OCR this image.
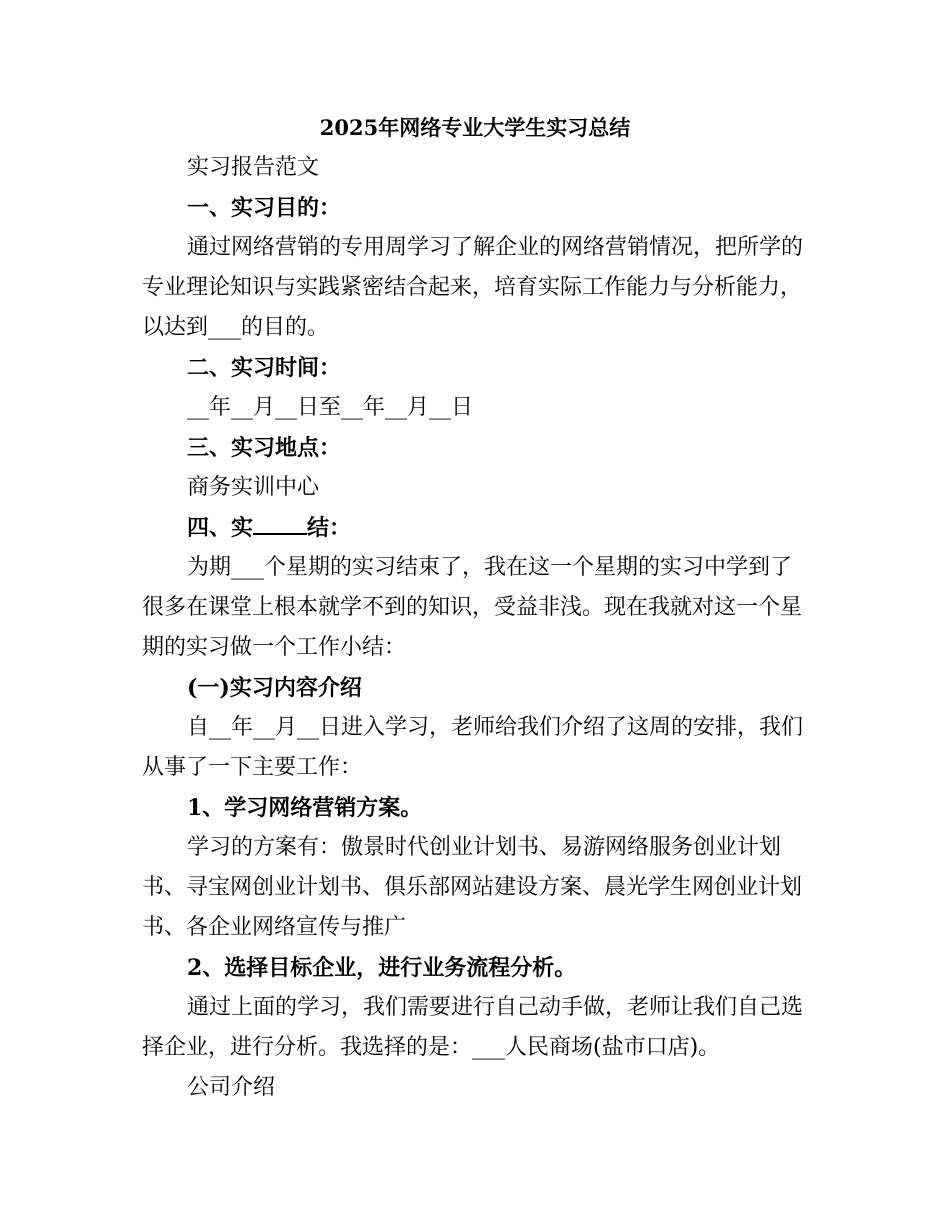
2025年网络专业大学生实习总结

实习报告范文

一、实习目的：

通过网络营销的专用周学习了解企业的网络营销情况，把所学的专业理论知识与实践紧密结合起来，培育实际工作能力与分析能力，以达到___的目的。

二、实习时间：

__年__月__日至__年__月__日

三、实习地点：

商务实训中心

四、实 结：

为期___个星期的实习结束了，我在这一个星期的实习中学到了很多在课堂上根本就学不到的知识，受益非浅。现在我就对这一个星期的实习做一个工作小结：

(一)实习内容介绍

自__年__月__日进入学习，老师给我们介绍了这周的安排，我们从事了一下主要工作：

1、学习网络营销方案。

学习的方案有：傲景时代创业计划书、易游网络服务创业计划书、寻宝网创业计划书、俱乐部网站建设方案、晨光学生网创业计划书、各企业网络宣传与推广

2、选择目标企业，进行业务流程分析。

通过上面的学习，我们需要进行自己动手做，老师让我们自己选择企业，进行分析。我选择的是：___人民商场(盐市口店)。

公司介绍
